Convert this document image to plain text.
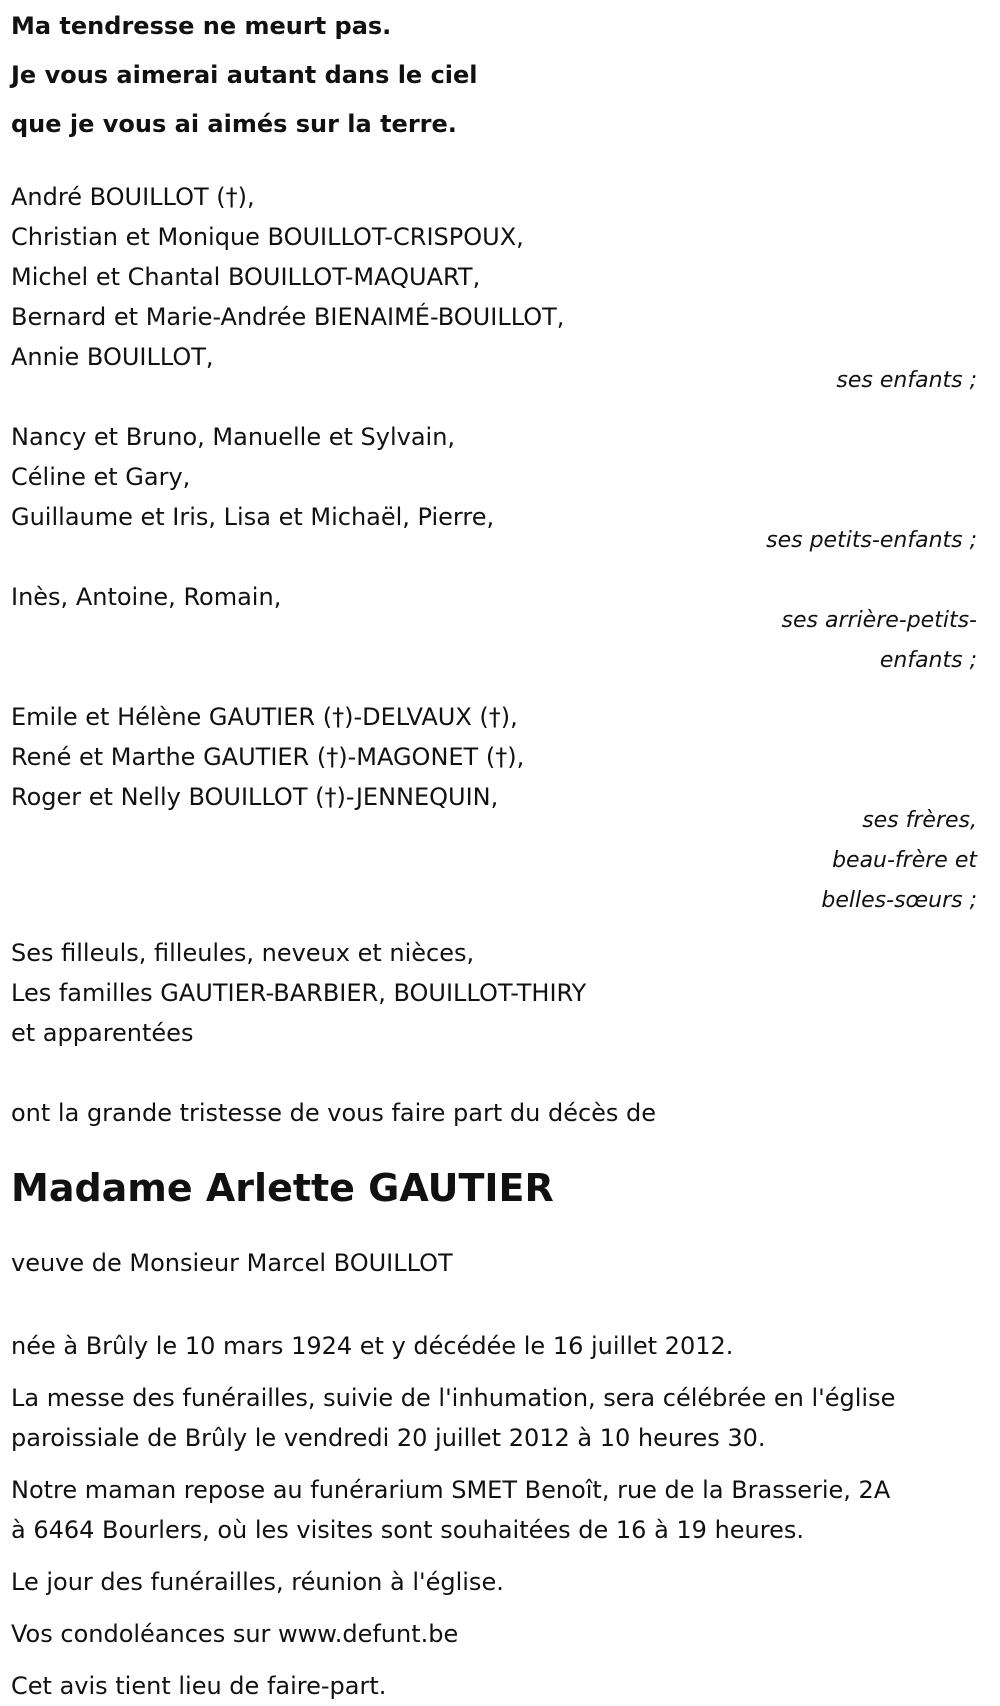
Ma tendresse ne meurt pas.
Je vous aimerai autant dans le ciel
que je vous ai aimés sur la terre.
André BOUILLOT (†),
Christian et Monique BOUILLOT-CRISPOUX,
Michel et Chantal BOUILLOT-MAQUART,
Bernard et Marie-Andrée BIENAIMÉ-BOUILLOT,
Annie BOUILLOT,
ses enfants ;
Nancy et Bruno, Manuelle et Sylvain,
Céline et Gary,
Guillaume et Iris, Lisa et Michaël, Pierre,
ses petits-enfants ;
Inès, Antoine, Romain,
ses arrière-petits-
enfants ;
Emile et Hélène GAUTIER (†)-DELVAUX (†),
René et Marthe GAUTIER (†)-MAGONET (†),
Roger et Nelly BOUILLOT (†)-JENNEQUIN,
ses frères,
beau-frère et
belles-sœurs ;
Ses filleuls, filleules, neveux et nièces,
Les familles GAUTIER-BARBIER, BOUILLOT-THIRY
et apparentées
ont la grande tristesse de vous faire part du décès de
Madame Arlette GAUTIER
veuve de Monsieur Marcel BOUILLOT
née à Brûly le 10 mars 1924 et y décédée le 16 juillet 2012.
La messe des funérailles, suivie de l'inhumation, sera célébrée en l'église
paroissiale de Brûly le vendredi 20 juillet 2012 à 10 heures 30.
Notre maman repose au funérarium SMET Benoît, rue de la Brasserie, 2A
à 6464 Bourlers, où les visites sont souhaitées de 16 à 19 heures.
Le jour des funérailles, réunion à l'église.
Vos condoléances sur www.defunt.be
Cet avis tient lieu de faire-part.
